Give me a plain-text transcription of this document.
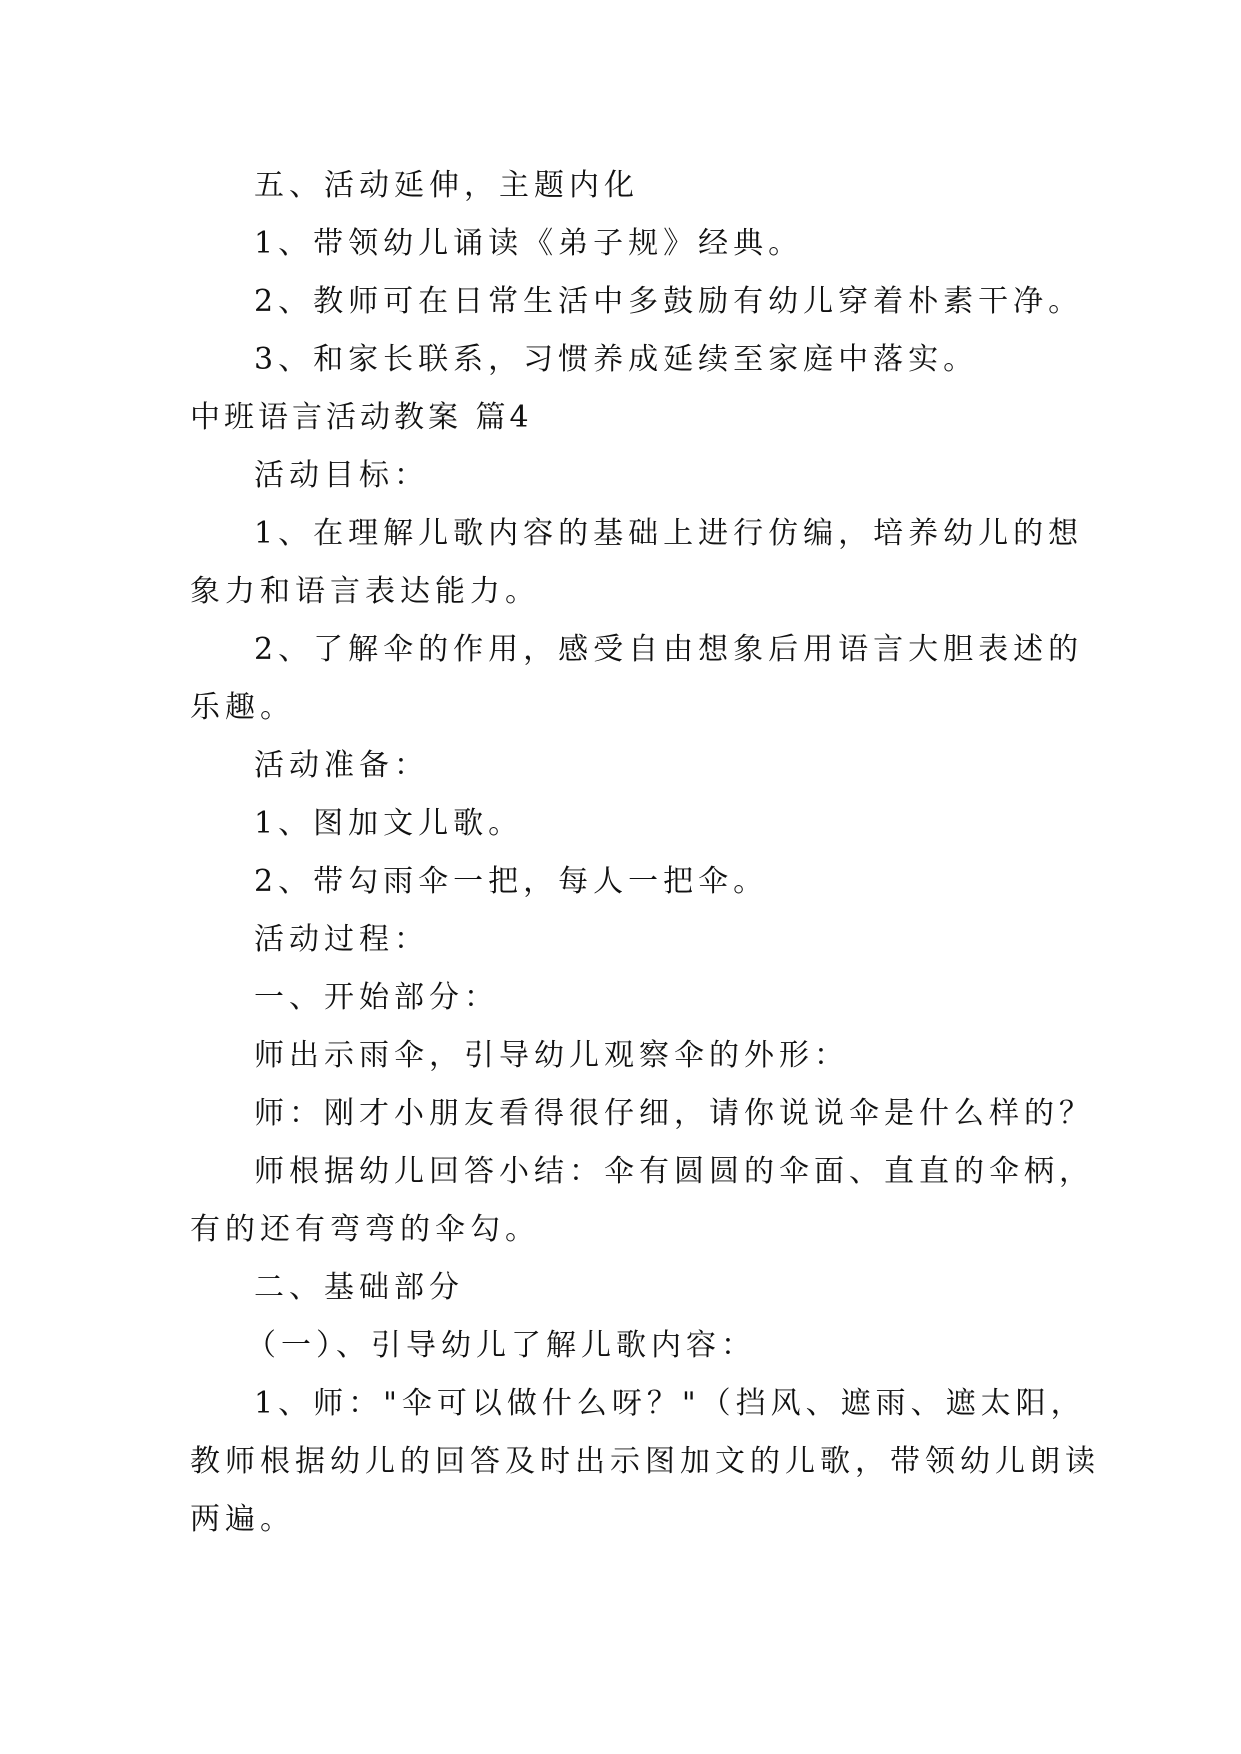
五、活动延伸，主题内化
1、带领幼儿诵读《弟子规》经典。
2、教师可在日常生活中多鼓励有幼儿穿着朴素干净。
3、和家长联系，习惯养成延续至家庭中落实。
中班语言活动教案 篇4
活动目标：
1、在理解儿歌内容的基础上进行仿编，培养幼儿的想
象力和语言表达能力。
2、了解伞的作用，感受自由想象后用语言大胆表述的
乐趣。
活动准备：
1、图加文儿歌。
2、带勾雨伞一把，每人一把伞。
活动过程：
一、开始部分：
师出示雨伞，引导幼儿观察伞的外形：
师：刚才小朋友看得很仔细，请你说说伞是什么样的？
师根据幼儿回答小结：伞有圆圆的伞面、直直的伞柄，
有的还有弯弯的伞勾。
二、基础部分
（一）、引导幼儿了解儿歌内容：
1、师："伞可以做什么呀？"（挡风、遮雨、遮太阳，
教师根据幼儿的回答及时出示图加文的儿歌，带领幼儿朗读
两遍。
